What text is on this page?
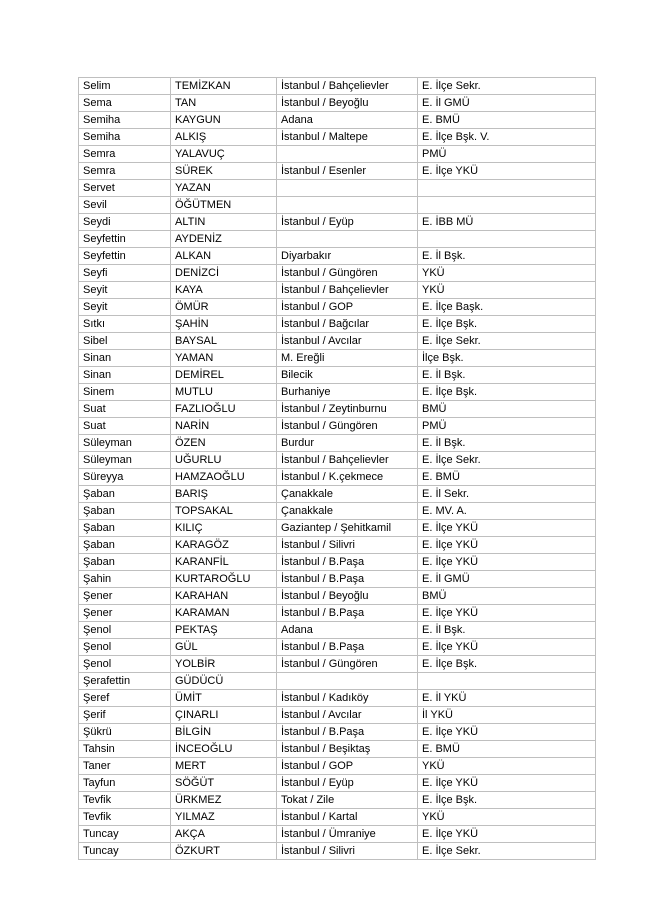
Selim	TEMİZKAN	İstanbul / Bahçelievler	E. İlçe Sekr.
Sema	TAN	İstanbul / Beyoğlu	E. İl GMÜ
Semiha	KAYGUN	Adana	E. BMÜ
Semiha	ALKIŞ	İstanbul / Maltepe	E. İlçe Bşk. V.
Semra	YALAVUÇ		PMÜ
Semra	SÜREK	İstanbul / Esenler	E. İlçe YKÜ
Servet	YAZAN		
Sevil	ÖĞÜTMEN		
Seydi	ALTIN	İstanbul / Eyüp	E. İBB MÜ
Seyfettin	AYDENİZ		
Seyfettin	ALKAN	Diyarbakır	E. İl Bşk.
Seyfi	DENİZCİ	İstanbul / Güngören	YKÜ
Seyit	KAYA	İstanbul / Bahçelievler	YKÜ
Seyit	ÖMÜR	İstanbul / GOP	E. İlçe Başk.
Sıtkı	ŞAHİN	İstanbul / Bağcılar	E. İlçe Bşk.
Sibel	BAYSAL	İstanbul / Avcılar	E. İlçe Sekr.
Sinan	YAMAN	M. Ereğli	İlçe Bşk.
Sinan	DEMİREL	Bilecik	E. İl Bşk.
Sinem	MUTLU	Burhaniye	E. İlçe Bşk.
Suat	FAZLIOĞLU	İstanbul / Zeytinburnu	BMÜ
Suat	NARİN	İstanbul / Güngören	PMÜ
Süleyman	ÖZEN	Burdur	E. İl Bşk.
Süleyman	UĞURLU	İstanbul / Bahçelievler	E. İlçe Sekr.
Süreyya	HAMZAOĞLU	İstanbul / K.çekmece	E. BMÜ
Şaban	BARIŞ	Çanakkale	E. İl Sekr.
Şaban	TOPSAKAL	Çanakkale	E. MV. A.
Şaban	KILIÇ	Gaziantep / Şehitkamil	E. İlçe YKÜ
Şaban	KARAGÖZ	İstanbul / Silivri	E. İlçe YKÜ
Şaban	KARANFİL	İstanbul / B.Paşa	E. İlçe YKÜ
Şahin	KURTAROĞLU	İstanbul / B.Paşa	E. İl GMÜ
Şener	KARAHAN	İstanbul / Beyoğlu	BMÜ
Şener	KARAMAN	İstanbul / B.Paşa	E. İlçe YKÜ
Şenol	PEKTAŞ	Adana	E. İl Bşk.
Şenol	GÜL	İstanbul / B.Paşa	E. İlçe YKÜ
Şenol	YOLBİR	İstanbul / Güngören	E. İlçe Bşk.
Şerafettin	GÜDÜCÜ		
Şeref	ÜMİT	İstanbul / Kadıköy	E. İl YKÜ
Şerif	ÇINARLI	İstanbul / Avcılar	İl YKÜ
Şükrü	BİLGİN	İstanbul / B.Paşa	E. İlçe YKÜ
Tahsin	İNCEOĞLU	İstanbul / Beşiktaş	E. BMÜ
Taner	MERT	İstanbul / GOP	YKÜ
Tayfun	SÖĞÜT	İstanbul / Eyüp	E. İlçe YKÜ
Tevfik	ÜRKMEZ	Tokat / Zile	E. İlçe Bşk.
Tevfik	YILMAZ	İstanbul / Kartal	YKÜ
Tuncay	AKÇA	İstanbul / Ümraniye	E. İlçe YKÜ
Tuncay	ÖZKURT	İstanbul / Silivri	E. İlçe Sekr.
